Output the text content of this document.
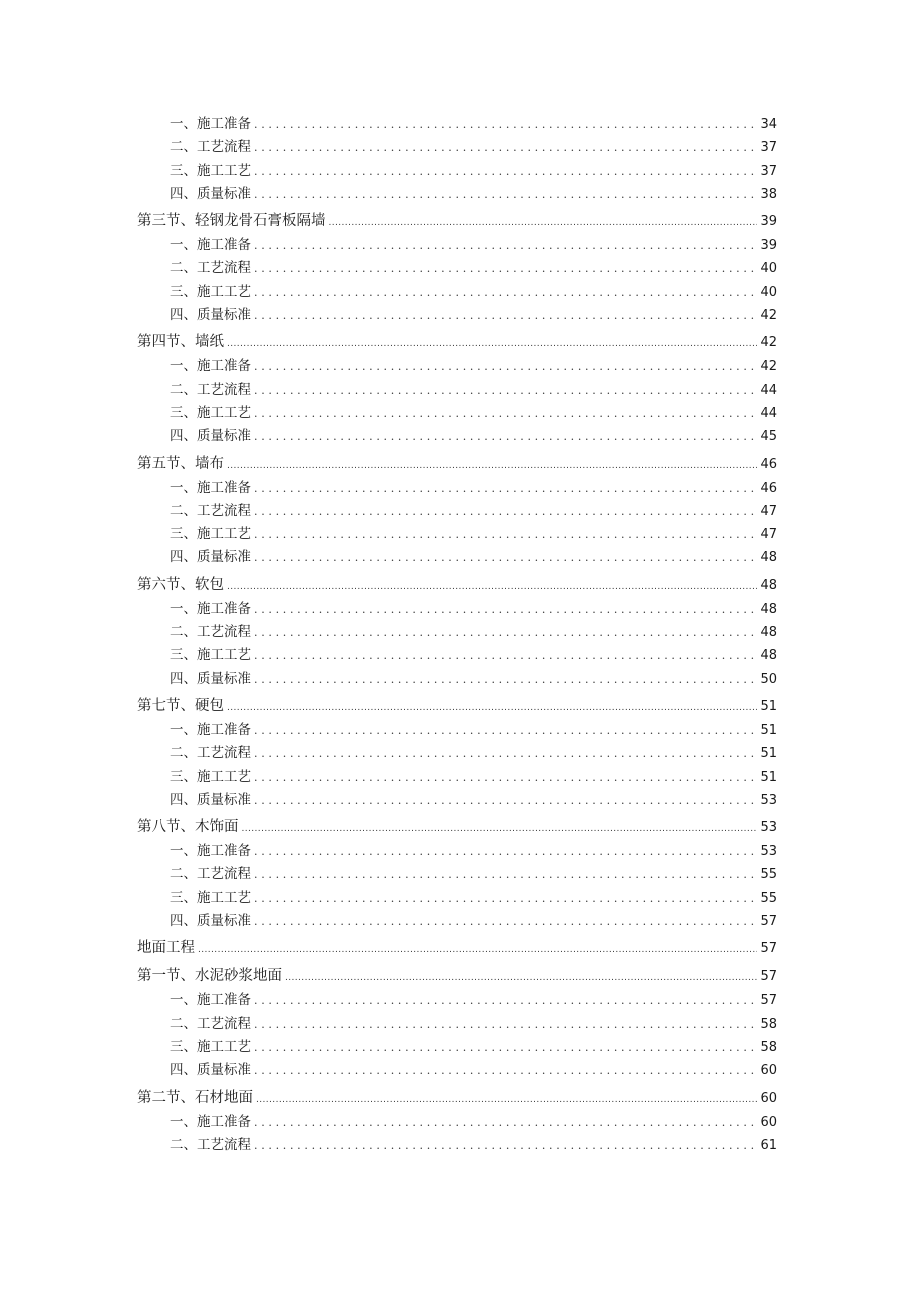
一、施工准备 .....	34
二、工艺流程 .....	37
三、施工工艺 .....	37
四、质量标准 .....	38
第三节、轻钢龙骨石膏板隔墙 .....	39
一、施工准备 .....	39
二、工艺流程 .....	40
三、施工工艺 .....	40
四、质量标准 .....	42
第四节、墙纸 .....	42
一、施工准备 .....	42
二、工艺流程 .....	44
三、施工工艺 .....	44
四、质量标准 .....	45
第五节、墙布 .....	46
一、施工准备 .....	46
二、工艺流程 .....	47
三、施工工艺 .....	47
四、质量标准 .....	48
第六节、软包 .....	48
一、施工准备 .....	48
二、工艺流程 .....	48
三、施工工艺 .....	48
四、质量标准 .....	50
第七节、硬包 .....	51
一、施工准备 .....	51
二、工艺流程 .....	51
三、施工工艺 .....	51
四、质量标准 .....	53
第八节、木饰面 .....	53
一、施工准备 .....	53
二、工艺流程 .....	55
三、施工工艺 .....	55
四、质量标准 .....	57
地面工程 .....	57
第一节、水泥砂浆地面 .....	57
一、施工准备 .....	57
二、工艺流程 .....	58
三、施工工艺 .....	58
四、质量标准 .....	60
第二节、石材地面 .....	60
一、施工准备 .....	60
二、工艺流程 .....	61
